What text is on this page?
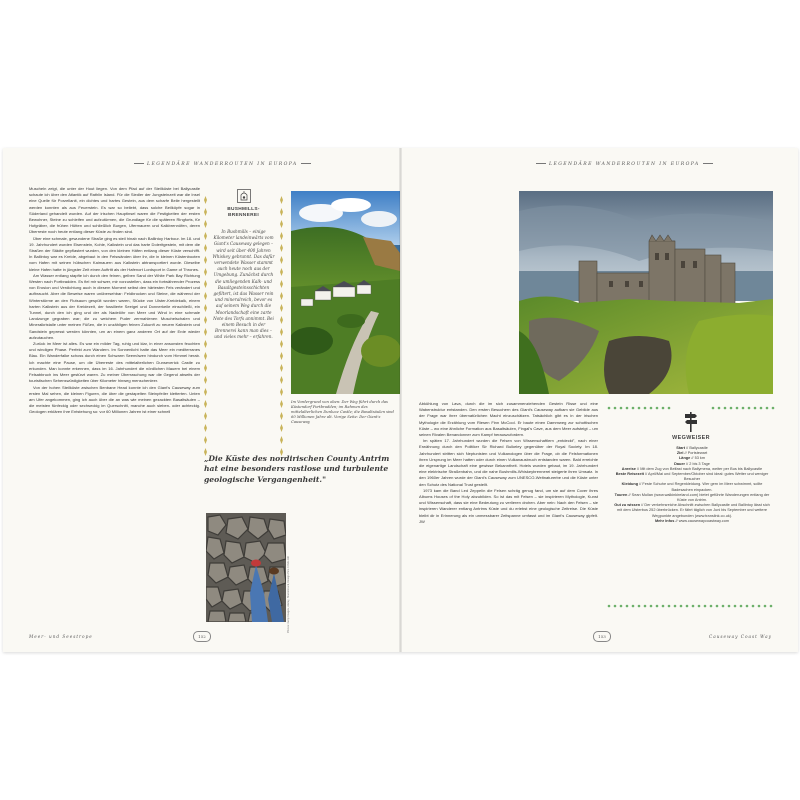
LEGENDÄRE WANDERROUTEN IN EUROPA

Muscheln zeigt, die unter der Hout liegen. Von dem Pfad auf der Steilküste bei Ballycastle schaute ich über den Atlantik auf Rathlin Island. Für die Siedler der Jungsteinzeit war die Insel eine Quelle für Porzellanit, ein dichtes und hartes Gestein, aus dem scharfe Beile hergestellt werden konnten als aus Feuerstein. Es war so beliebt, dass solche Beilköpfe sogar in Süderland gehandelt wurden. Auf der irischen Hauptinsel waren die Festigkeiten der ersten Bewohner, Steine zu schleifen und aufzutürmen, die Grundlage für die späteren Ringforts, für Hofgräber, die frühen Hütten und schließlich Burgen, Ufermauern und Kalkbrennöfen, deren Überreste noch heute entlang dieser Küste zu finden sind.

Über eine schmale, gewundene Straße ging es steil hinab nach Ballintoy Harbour. Im 18. und 19. Jahrhundert wurden Eisenstein, Kohle, Kalkstein und das harte Doleritgestein, mit dem die Straßen der Städte gepflastert wurden, von den kleinen Häfen entlang dieser Küste verschifft. In Ballintoy war es Kreide, abgebaut in den Felswänden über ihr, die in kleinen Küstenbooten vom Hafen mit seinen hübschen Kaimauern aus Kalkstein abtransportiert wurde. Dieselbe kleine Hafen hatte in jüngster Zeit einen Auftritt als der Hafenort Lordsport in Game of Thrones.

Am Wasser entlang stapfte ich durch den feinen, gelben Sand der White Park Bay Richtung Westen nach Portbradden. Es fiel mir schwer, mir vorzustellen, dass ein fortwährender Prozess von Erosion und Verdichtung auch in diesem Moment selbst den härtesten Fels verändert und aufbraucht. Aber die Beweise waren unübersehbar: Feldbrocken und Steine, die während der Winterstürme an den Flutsaum gespült worden waren, Stücke von Ulster-Kreidekalk, einem harten Kalkstein aus der Kreidezeit, der fossilierte Seeigel und Donnerkeile einschließt, ein Tunnel, durch den ich ging und der als Nadelöhr von Meer und Wind in eine schmale Landzunge gegraben war; die zu weichem Puder zermahlenen Muschelschalen und Mineralkristalle unter meinen Füßen, die in unzähligen feinen Zukunft zu neuem Kalkstein und Sandstein gepresst werden könnten, um an einem ganz anderen Ort auf der Erde wieder aufzutauchen.

Zurück im Meer ist alles. Es war ein milder Tag, ruhig und klar, in einer ansonsten feuchten und windigen Phase. Perfekt zum Wandern. Im Sonnenlicht hatte das Meer ein mediterranes Blau. Ein Wanderfalke schoss durch einen Schwarm Seemöwen hindurch vom Himmel herab. Ich machte eine Pause, um die Überreste des mittelalterlichen Dunseverick Castle zu erkunden. Man konnte erkennen, dass im 16. Jahrhundert die nördlichen Mauern bei einem Felsabbruch ins Meer gestürzt waren. Zu meiner Überraschung war die Gegend abseits der touristischen Sehenswürdigkeiten über Kilometer hinweg menschenleer.

Von der hohen Steilküste zwischen Benbane Head konnte ich den Giant's Causeway zum ersten Mal sehen, die kleinen Figuren, die über die gestapelten Steinpfeiler kletterten. Unten am Ufer angekommen, ging ich auch über die an was wie meinen gezackten Basaltsäulen – die meisten fünfeckig oder sechseckig im Querschnitt, manche auch sieben- oder achteckig. Geologen erklären ihre Entstehung so: vor 60 Millionen Jahren ist einer schnell

BUSHMILLS-
BRENNEREI
In Bushmills – einige Kilometer landeinwärts vom Giant's Causeway gelegen – wird seit über 400 Jahren Whiskey gebrannt. Das dafür verwendete Wasser stammt auch heute noch aus der Umgebung. Zunächst durch die umliegenden Kalk- und Basaltgesteinsschichten gefiltert, ist das Wasser rein und mineralreich, bevor es auf seinem Weg durch die Moorlandschaft eine zarte Note des Torfs annimmt. Bei einem Besuch in der Brennerei kann man dies – und vieles mehr – erfahren.
Im Vordergrund von oben: Der Weg führt durch das Küstendorf Portbradden; im Rahmen des mittelalterlichen Dunluce Castle; die Basaltsäulen sind 60 Millionen Jahre alt. Vorige Seite: Der Giant's Causeway
„Die Küste des nordirischen County Antrim hat eine besonders rastlose und turbulente geologische Vergangenheit."
Photos: Getty Images, Alamy, Shutterstock, Design Pics / Chris Hill
Meer- und Seestrope	152
LEGENDÄRE WANDERROUTEN IN EUROPA

Abkühlung von Lava, durch die im sich zusammenziehenden Gestein Risse und eine Wabenstruktur entstanden. Den ersten Besuchern des Giant's Causeway aufkam sie Gebilde aus der Frage war ihrer übernatürlichen Macht einzuschätzen. Tatsächlich gibt es in der irischen Mythologie die Erzählung vom Riesen Finn McCool. Er baute einen Dammweg zur schottischen Küste – wo eine ähnliche Formation aus Basaltsäulen, Fingal's Cave, aus dem Meer aufsteigt – um seinen Rivalen Benandonner zum Kampf herauszufordern.

Im späten 17. Jahrhundert wurden die Felsen von Wissenschaftlern „entdeckt", nach einer Erwähnung durch den Politiker Sir Richard Bulkeley gegenüber der Royal Society. Im 18. Jahrhundert stritten sich Neptunisten und Vulkanologen über die Frage, ob die Felsformationen ihren Ursprung im Meer hatten oder durch einen Vulkanausbruch entstanden waren. Bald erreichte die eigenartige Landschaft eine gewisse Bekanntheit. Hotels wurden gebaut, im 19. Jahrhundert eine elektrische Straßenbahn, und die nahe Bushmills-Whiskeybrennerei steigerte ihren Umsatz. In den 1960er Jahren wurde der Giant's Causeway zum UNESCO-Weltnaturerbe und die Küste unter den Schutz des National Trust gestellt.

1973 kam die Band Led Zeppelin die Felsen schräg genug fand, um sie auf dem Cover ihres Albums Houses of the Holy abzubilden. So ist das mit Felsen – sie inspirieren Mythologie, Kunst und Wissenschaft, dass sie eine Bedeutung zu verlieren drohen. Aber nein: Nach den Felsen – sie inspirieren Wanderer entlang Antrims Küste und du erlebst eine geologische Zeitreise. Die Küste bleibt dir in Erinnerung als ein unmessbarer Zeitspanne umfasst und im Giant's Causeway gipfelt. JW

WEGWEISER
Start // Ballycastle
Ziel // Portstewart
Länge // 53 km
Dauer // 2 bis 3 Tage
Anreise // Mit dem Zug von Belfast nach Ballymena, weiter per Bus bis Ballycastle
Beste Reisezeit // April/Mai und September/Oktober sind ideal: gutes Wetter und weniger Besucher
Kleidung // Feste Schuhe und Regenkleidung. Wer gern im Meer schwimmt, sollte Badesachen einpacken.
Touren // Sean Mullan (www.walkinkireland.com) bietet geführte Wanderungen entlang der Küste von Antrim.
Gut zu wissen // Der verkehrsreiche Abschnitt zwischen Ballycastle und Ballintoy lässt sich mit dem Ulsterbus 252 überbrücken. Er fährt täglich von Juni bis September und weitere Wegpunkte angebunden (www.translink.co.uk).
Mehr Infos // www.causewaycoastway.com
153	Causeway Coast Way
